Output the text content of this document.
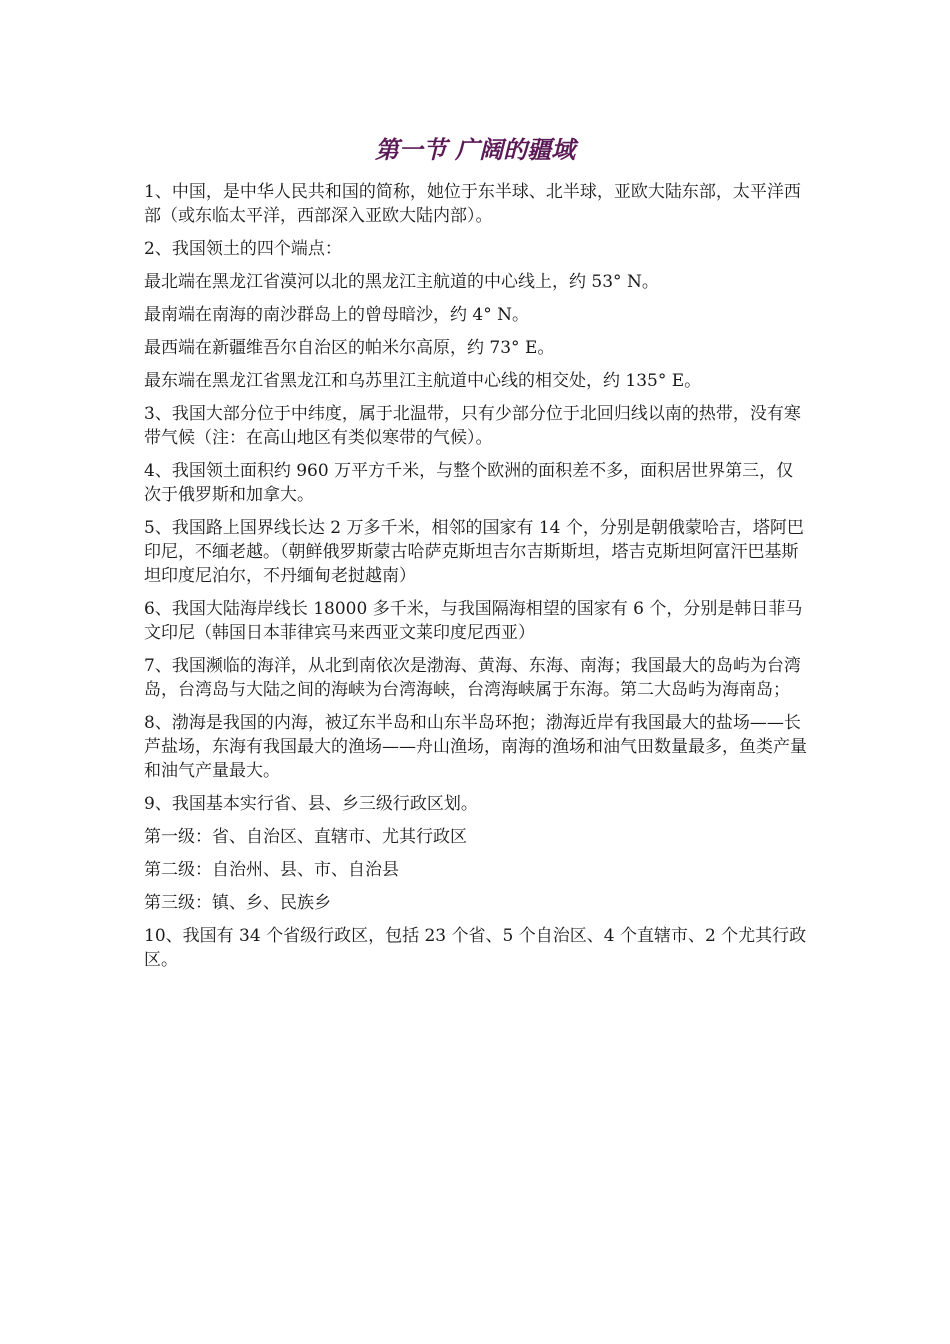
第一节 广阔的疆域

1、中国，是中华人民共和国的简称，她位于东半球、北半球，亚欧大陆东部，太平洋西部（或东临太平洋，西部深入亚欧大陆内部）。

2、我国领土的四个端点：

最北端在黑龙江省漠河以北的黑龙江主航道的中心线上，约 53° N。

最南端在南海的南沙群岛上的曾母暗沙，约 4° N。

最西端在新疆维吾尔自治区的帕米尔高原，约 73° E。

最东端在黑龙江省黑龙江和乌苏里江主航道中心线的相交处，约 135° E。

3、我国大部分位于中纬度，属于北温带，只有少部分位于北回归线以南的热带，没有寒带气候（注：在高山地区有类似寒带的气候）。

4、我国领土面积约 960 万平方千米，与整个欧洲的面积差不多，面积居世界第三，仅次于俄罗斯和加拿大。

5、我国路上国界线长达 2 万多千米，相邻的国家有 14 个，分别是朝俄蒙哈吉，塔阿巴印尼，不缅老越。（朝鲜俄罗斯蒙古哈萨克斯坦吉尔吉斯斯坦，塔吉克斯坦阿富汗巴基斯坦印度尼泊尔，不丹缅甸老挝越南）

6、我国大陆海岸线长 18000 多千米，与我国隔海相望的国家有 6 个，分别是韩日菲马文印尼（韩国日本菲律宾马来西亚文莱印度尼西亚）

7、我国濒临的海洋，从北到南依次是渤海、黄海、东海、南海；我国最大的岛屿为台湾岛，台湾岛与大陆之间的海峡为台湾海峡，台湾海峡属于东海。第二大岛屿为海南岛；

8、渤海是我国的内海，被辽东半岛和山东半岛环抱；渤海近岸有我国最大的盐场——长芦盐场，东海有我国最大的渔场——舟山渔场，南海的渔场和油气田数量最多，鱼类产量和油气产量最大。

9、我国基本实行省、县、乡三级行政区划。

第一级：省、自治区、直辖市、尤其行政区

第二级：自治州、县、市、自治县

第三级：镇、乡、民族乡

10、我国有 34 个省级行政区，包括 23 个省、5 个自治区、4 个直辖市、2 个尤其行政区。
